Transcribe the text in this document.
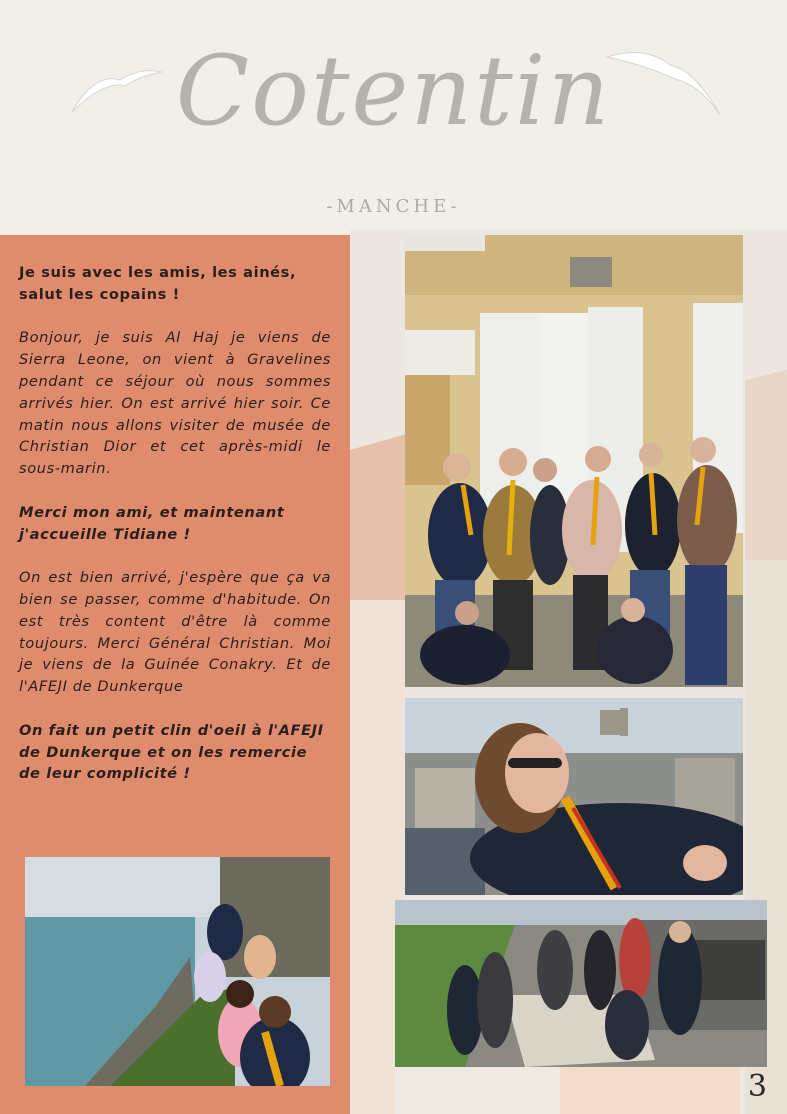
Cotentin
-MANCHE-

Je suis avec les amis, les ainés, salut les copains !

Bonjour, je suis Al Haj je viens de Sierra Leone, on vient à Gravelines pendant ce séjour où nous sommes arrivés hier. On est arrivé hier soir. Ce matin nous allons visiter de musée de Christian Dior et cet après-midi le sous-marin.

Merci mon ami, et maintenant j'accueille Tidiane !

On est bien arrivé, j'espère que ça va bien se passer, comme d'habitude. On est très content d'être là comme toujours. Merci Général Christian. Moi je viens de la Guinée Conakry. Et de l'AFEJI de Dunkerque

On fait un petit clin d'oeil à l'AFEJI de Dunkerque et on les remercie de leur complicité !

3
